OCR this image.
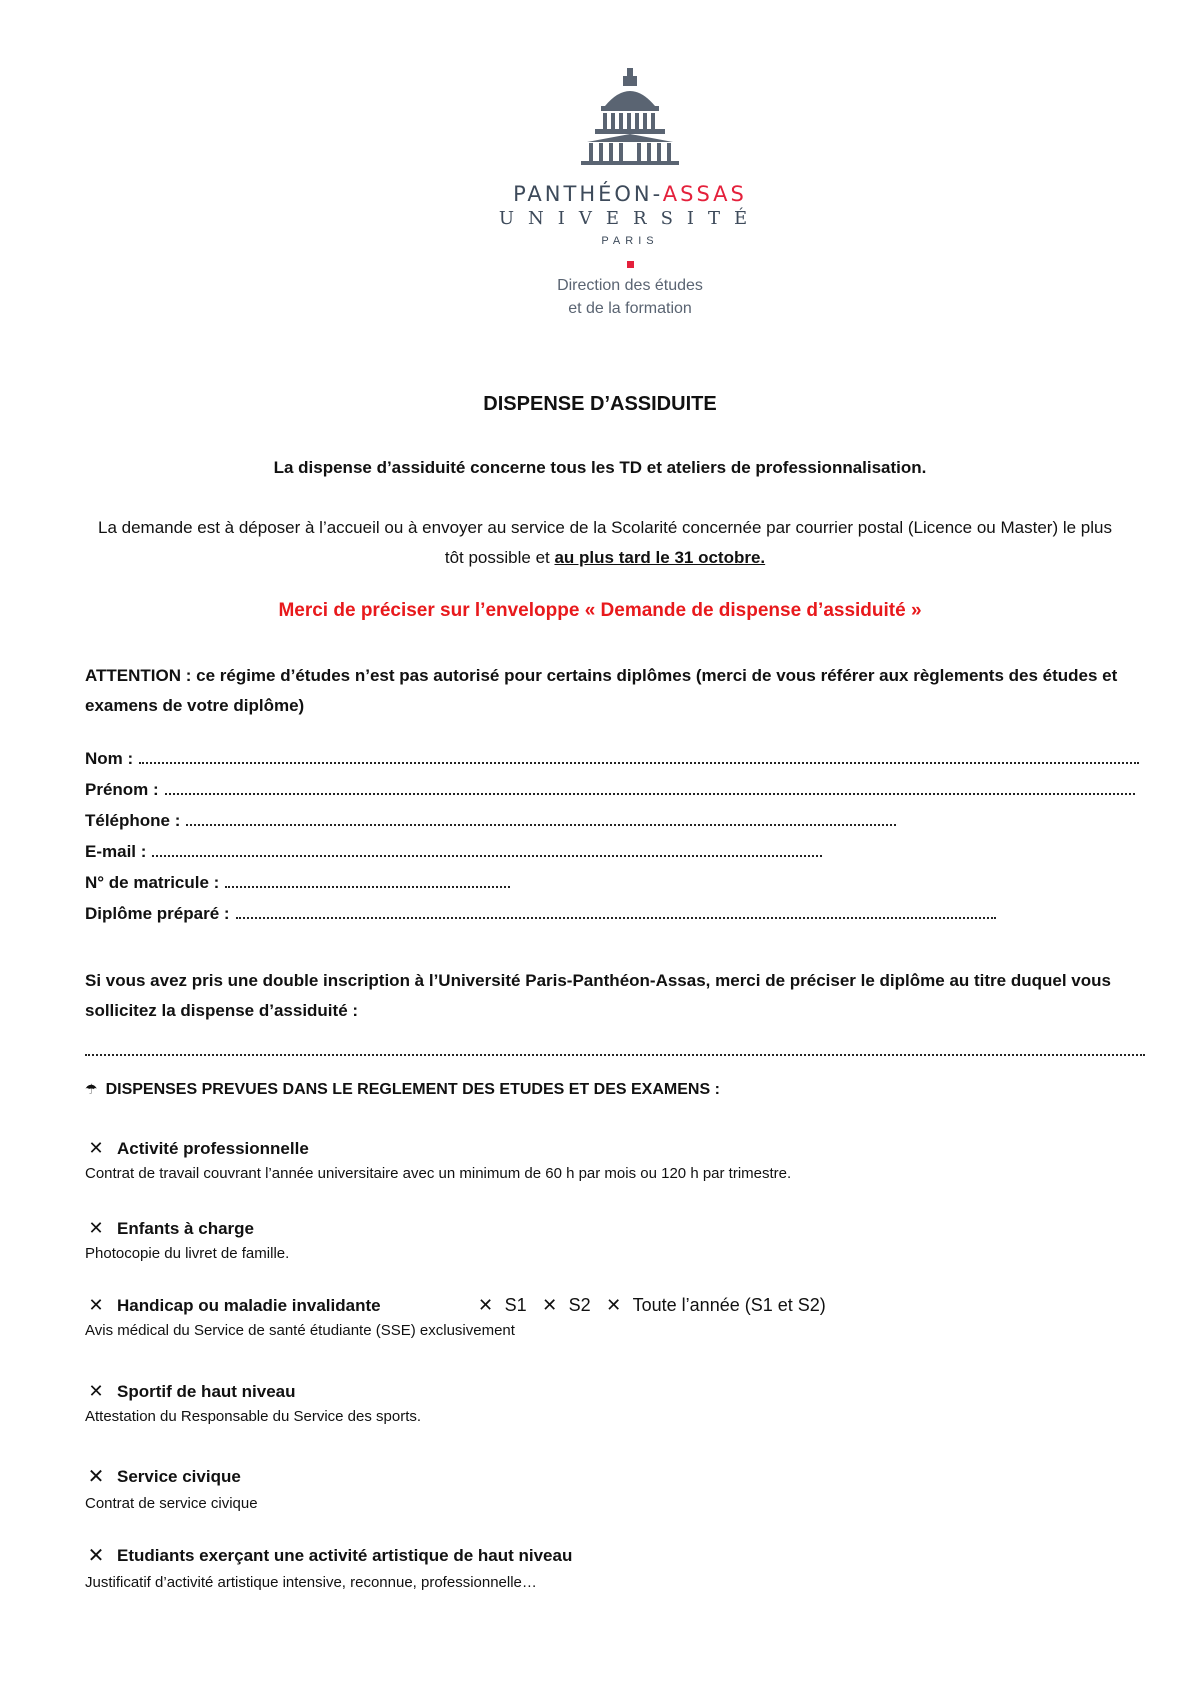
PANTHÉON-ASSAS
UNIVERSITÉ
PARIS
Direction des études
et de la formation
DISPENSE D’ASSIDUITE
La dispense d’assiduité concerne tous les TD et ateliers de professionnalisation.
La demande est à déposer à l’accueil ou à envoyer au service de la Scolarité concernée par courrier postal (Licence ou Master) le plus tôt possible et au plus tard le 31 octobre.
Merci de préciser sur l’enveloppe « Demande de dispense d’assiduité »
ATTENTION : ce régime d’études n’est pas autorisé pour certains diplômes (merci de vous référer aux règlements des études et examens de votre diplôme)
Nom :
Prénom :
Téléphone :
E-mail :
N° de matricule :
Diplôme préparé :
Si vous avez pris une double inscription à l’Université Paris-Panthéon-Assas, merci de préciser le diplôme au titre duquel vous sollicitez la dispense d’assiduité :
☂ DISPENSES PREVUES DANS LE REGLEMENT DES ETUDES ET DES EXAMENS :
✕ Activité professionnelle
Contrat de travail couvrant l’année universitaire avec un minimum de 60 h par mois ou 120 h par trimestre.
✕ Enfants à charge
Photocopie du livret de famille.
✕ Handicap ou maladie invalidante	✕ S1 ✕ S2 ✕ Toute l’année (S1 et S2)
Avis médical du Service de santé étudiante (SSE) exclusivement
✕ Sportif de haut niveau
Attestation du Responsable du Service des sports.
✕ Service civique
Contrat de service civique
✕ Etudiants exerçant une activité artistique de haut niveau
Justificatif d’activité artistique intensive, reconnue, professionnelle…
